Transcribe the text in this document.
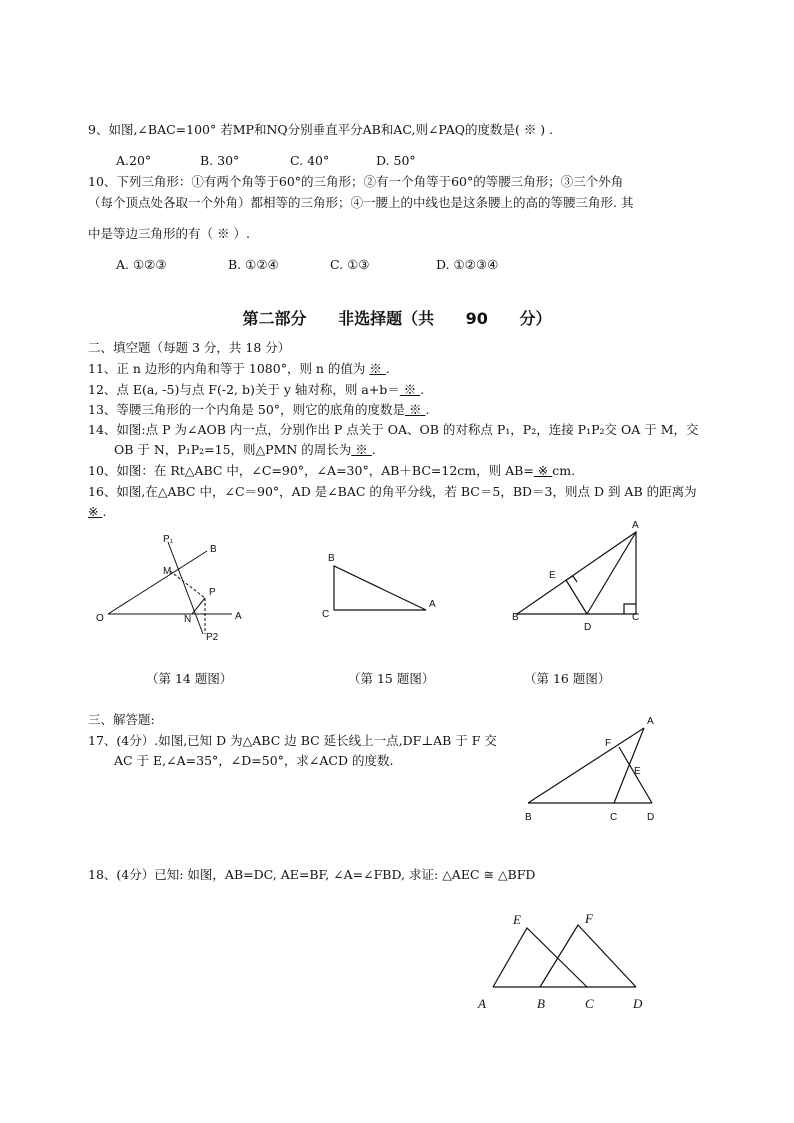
9、如图,∠BAC=100° 若MP和NQ分别垂直平分AB和AC,则∠PAQ的度数是( ※ ) .
A.20°	B. 30°	C. 40°	D. 50°
10、下列三角形：①有两个角等于60°的三角形；②有一个角等于60°的等腰三角形；③三个外角
（每个顶点处各取一个外角）都相等的三角形；④一腰上的中线也是这条腰上的高的等腰三角形. 其
中是等边三角形的有（ ※ ）.
A. ①②③	B. ①②④	C. ①③	D. ①②③④
第二部分 非选择题（共 90 分）
二、填空题（每题 3 分，共 18 分）
11、正 n 边形的内角和等于 1080°，则 n 的值为 ※ .
12、点 E(a, -5)与点 F(-2, b)关于 y 轴对称，则 a+b＝ ※ .
13、等腰三角形的一个内角是 50°，则它的底角的度数是 ※ .
14、如图:点 P 为∠AOB 内一点，分别作出 P 点关于 OA、OB 的对称点 P₁，P₂，连接 P₁P₂交 OA 于 M，交
OB 于 N，P₁P₂=15，则△PMN 的周长为 ※ .
10、如图：在 Rt△ABC 中，∠C=90°，∠A=30°，AB＋BC=12cm，则 AB= ※ cm.
16、如图,在△ABC 中，∠C＝90°，AD 是∠BAC 的角平分线，若 BC＝5，BD＝3，则点 D 到 AB 的距离为
※ .
P₁
B
M
P
O	N	A
P2
B
C
A
A
E
B
D
C
A
F
E
B	C	D
E	F
A	B	C	D
（第 14 题图）	（第 15 题图）	（第 16 题图）
三、解答题:
17、(4分）.如图,已知 D 为△ABC 边 BC 延长线上一点,DF⊥AB 于 F 交
AC 于 E,∠A=35°，∠D=50°，求∠ACD 的度数.
18、(4分）已知: 如图，AB=DC, AE=BF, ∠A=∠FBD, 求证: △AEC ≅ △BFD
